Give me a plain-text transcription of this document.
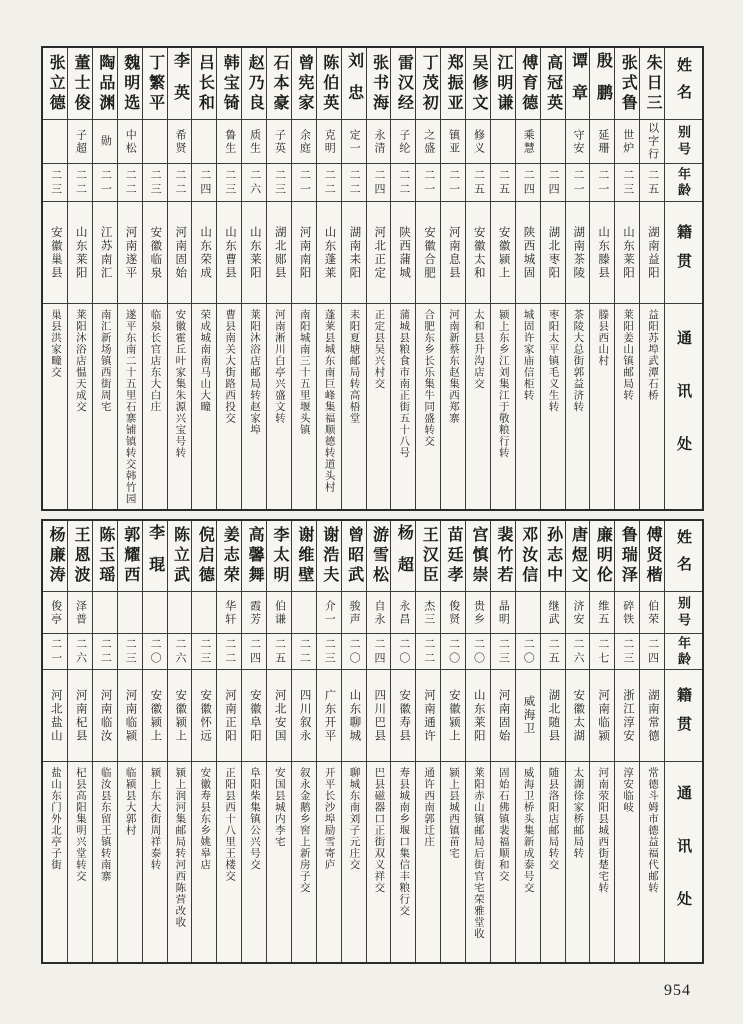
姓名
别号
年龄
籍贯
通讯处
朱日三
以字行
二五
湖南益阳
益阳苏埠武潭石桥
张式鲁
世炉
二三
山东莱阳
莱阳姜山镇邮局转
殷鹏
延珊
二一
山东滕县
滕县西山村
谭章
守安
二一
湖南茶陵
茶陵大总街郭益济转
高冠英
二四
湖北枣阳
枣阳太平镇毛义生转
傅育德
乘慧
二四
陕西城固
城固许家庙信柜转
江明谦
二五
安徽颍上
颍上东乡江刘集江于敬粮行转
吴修文
修义
二五
安徽太和
太和县升沟店交
郑振亚
镇亚
二一
河南息县
河南新蔡东赵集西郑寨
丁茂初
之盛
二一
安徽合肥
合肥东乡长乐集牛同盛转交
雷汉经
子纶
二二
陕西蒲城
蒲城县粮食市南正街五十八号
张书海
永清
二四
河北正定
正定县吴兴村交
刘忠
定一
二二
湖南耒阳
耒阳夏塘邮局转高梧堂
陈伯英
克明
二二
山东蓬莱
蓬莱县城东南巨峰集福顺德转道头村
曾宪家
余庭
二一
河南南阳
南阳城南三十五里堰头镇
石本豪
子英
二三
湖北郧县
河南淅川白亭兴盛文转
赵乃良
质生
二六
山东莱阳
莱阳沐浴店邮局转赵家埠
韩宝锜
鲁生
二三
山东曹县
曹县南关大街路西投交
吕长和
二四
山东荣成
荣成城南南马山大疃
李英
希贤
二二
河南固始
安徽霍丘叶家集朱源兴宝号转
丁繁平
二三
安徽临泉
临泉长官店东大白庄
魏明选
中松
二二
河南遂平
遂平东南二十五里石寨铺镇转交韩竹园
陶品渊
勋
二一
江苏南汇
南汇新场镇西街周宅
董士俊
子超
二二
山东莱阳
莱阳沐浴店愠天成交
张立德
二三
安徽巢县
巢县洪家疃交
姓名
别号
年龄
籍贯
通讯处
傅贤楷
伯荣
二四
湖南常德
常德斗姆市德益福代邮转
鲁瑞泽
碎铁
二三
浙江淳安
淳安临岐
廉明伦
维五
二七
河南临颍
河南荥阳县城西街楚宅转
唐煜文
济安
二六
安徽太湖
太湖徐家桥邮局转
孙志中
继武
二五
湖北随县
随县洛阳店邮局转交
邓汝信
二〇
威海卫
威海卫桥头集新成泰号交
裴竹若
晶明
二三
河南固始
固始石佛镇裴福顺和交
宫慎崇
贵乡
二〇
山东莱阳
莱阳赤山镇邮局后街官宅荣雅堂收
苗廷孝
俊贤
二〇
安徽颍上
颍上县城西镇苗宅
王汉臣
杰三
二二
河南通许
通许西南郭迁庄
杨超
永昌
二〇
安徽寿县
寿县城南乡堰口集信丰粮行交
游雪松
自永
二四
四川巴县
巴县磁器口正街双义祥交
曾昭武
骏声
二〇
山东聊城
聊城东南刘子元庄交
谢浩夫
介一
二三
广东开平
开平长沙埠励雪寄庐
谢维壁
二二
四川叙永
叙永金鹅乡窖上新房子交
李太明
伯谦
二五
河北安国
安国县城内李宅
高馨舞
霞芳
二四
安徽阜阳
阜阳柴集镇公兴号交
姜志荣
华轩
二二
河南正阳
正阳县西十八里王楼交
倪启德
二三
安徽怀远
安徽寿县东乡姚皋店
陈立武
二六
安徽颍上
颍上润河集邮局转河西陈营改收
李琨
二〇
安徽颍上
颍上东大街周祥泰转
郭耀西
二三
河南临颍
临颍县大郭村
陈玉瑶
二二
河南临汝
临汝县东留王镇转南寨
王恩波
泽普
二六
河南杞县
杞县高阳集明兴堂转交
杨廉涛
俊亭
二一
河北盐山
盐山东门外北亭子街
954
